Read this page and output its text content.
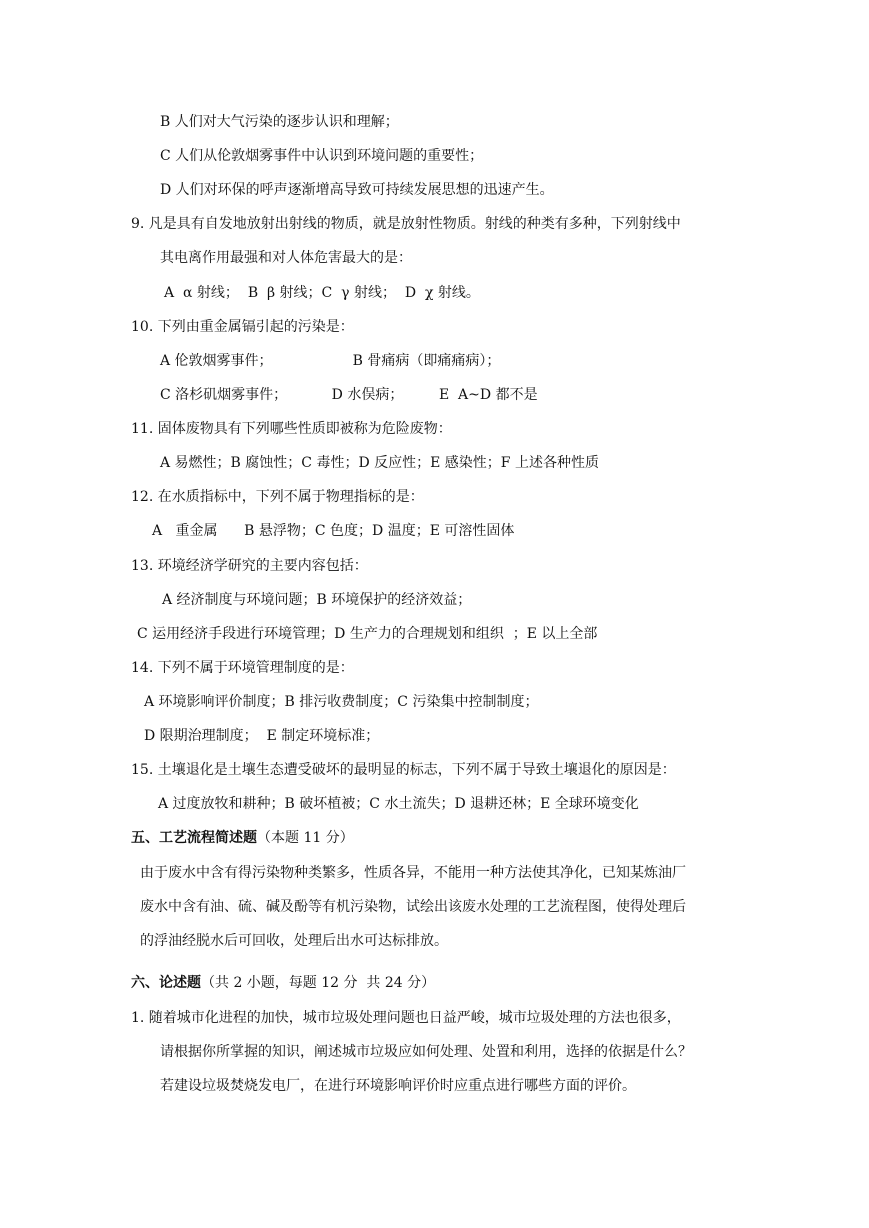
B 人们对大气污染的逐步认识和理解；
C 人们从伦敦烟雾事件中认识到环境问题的重要性；
D 人们对环保的呼声逐渐增高导致可持续发展思想的迅速产生。
9. 凡是具有自发地放射出射线的物质，就是放射性物质。射线的种类有多种，下列射线中
其电离作用最强和对人体危害最大的是：
A  α 射线；  B  β 射线；C  γ 射线；  D  χ 射线。
10. 下列由重金属镉引起的污染是：
A 伦敦烟雾事件；                  B 骨痛病（即痛痛病）；
C 洛杉矶烟雾事件；          D 水俣病；        E  A~D 都不是
11. 固体废物具有下列哪些性质即被称为危险废物：
A 易燃性；B 腐蚀性；C 毒性；D 反应性；E 感染性；F 上述各种性质
12. 在水质指标中，下列不属于物理指标的是：
A   重金属      B 悬浮物；C 色度；D 温度；E 可溶性固体
13. 环境经济学研究的主要内容包括：
A 经济制度与环境问题；B 环境保护的经济效益；
C 运用经济手段进行环境管理；D 生产力的合理规划和组织  ；E 以上全部
14. 下列不属于环境管理制度的是：
A 环境影响评价制度；B 排污收费制度；C 污染集中控制制度；
D 限期治理制度；  E 制定环境标准；
15. 土壤退化是土壤生态遭受破坏的最明显的标志，下列不属于导致土壤退化的原因是：
A 过度放牧和耕种；B 破坏植被；C 水土流失；D 退耕还林；E 全球环境变化
五、工艺流程简述题（本题 11 分）
由于废水中含有得污染物种类繁多，性质各异，不能用一种方法使其净化，已知某炼油厂
废水中含有油、硫、碱及酚等有机污染物，试绘出该废水处理的工艺流程图，使得处理后
的浮油经脱水后可回收，处理后出水可达标排放。
六、论述题（共 2 小题，每题 12 分  共 24 分）
1. 随着城市化进程的加快，城市垃圾处理问题也日益严峻，城市垃圾处理的方法也很多，
请根据你所掌握的知识，阐述城市垃圾应如何处理、处置和利用，选择的依据是什么？
若建设垃圾焚烧发电厂，在进行环境影响评价时应重点进行哪些方面的评价。
